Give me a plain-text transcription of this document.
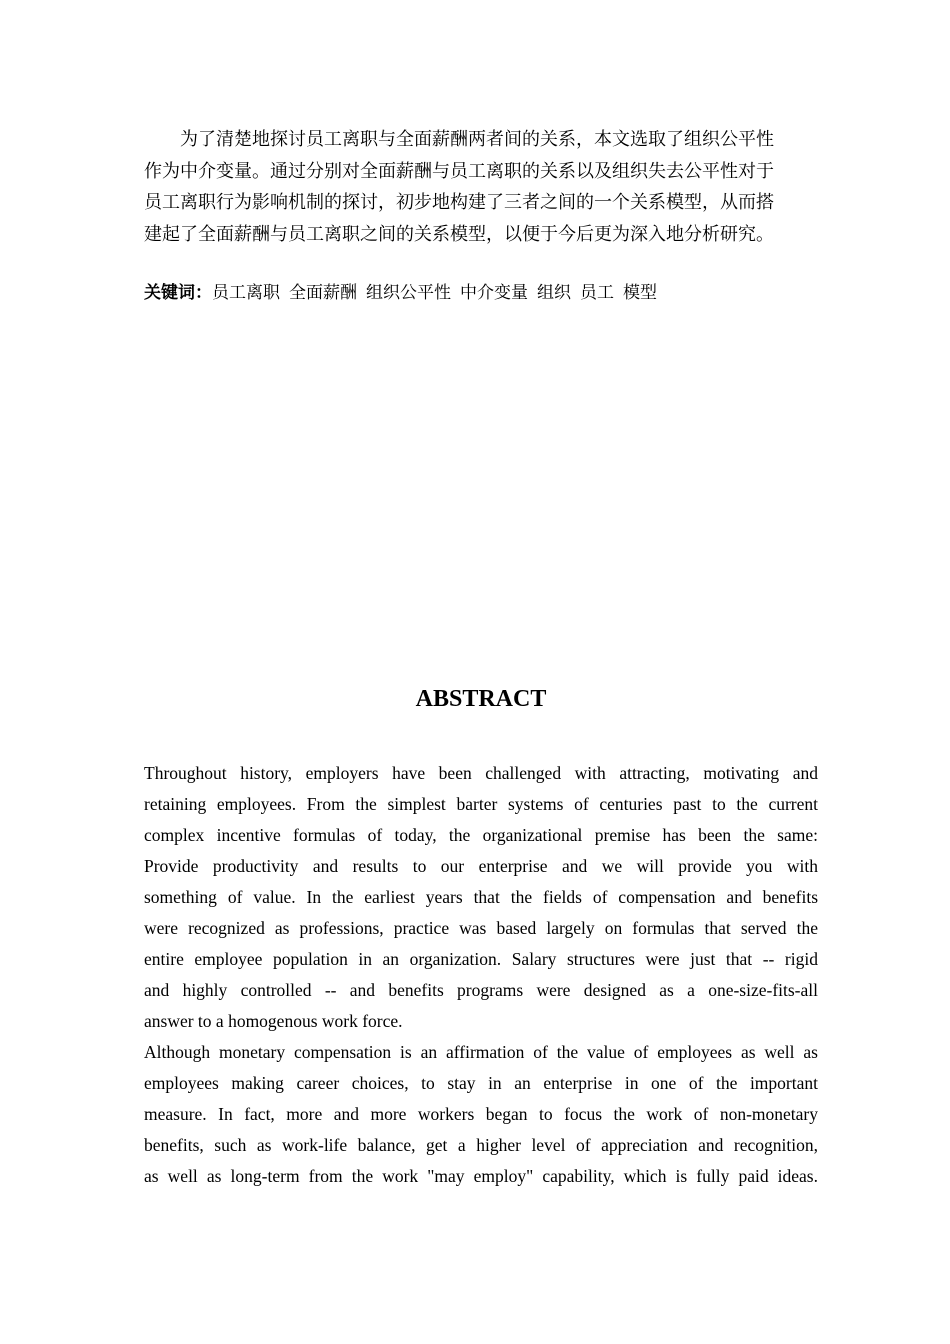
为了清楚地探讨员工离职与全面薪酬两者间的关系，本文选取了组织公平性
作为中介变量。通过分别对全面薪酬与员工离职的关系以及组织失去公平性对于
员工离职行为影响机制的探讨，初步地构建了三者之间的一个关系模型，从而搭
建起了全面薪酬与员工离职之间的关系模型，以便于今后更为深入地分析研究。
关键词：员工离职 全面薪酬 组织公平性 中介变量 组织 员工 模型
ABSTRACT
Throughout history, employers have been challenged with attracting, motivating and
retaining employees. From the simplest barter systems of centuries past to the current
complex incentive formulas of today, the organizational premise has been the same:
Provide productivity and results to our enterprise and we will provide you with
something of value. In the earliest years that the fields of compensation and benefits
were recognized as professions, practice was based largely on formulas that served the
entire employee population in an organization. Salary structures were just that -- rigid
and highly controlled -- and benefits programs were designed as a one-size-fits-all
answer to a homogenous work force.
Although monetary compensation is an affirmation of the value of employees as well as
employees making career choices, to stay in an enterprise in one of the important
measure. In fact, more and more workers began to focus the work of non-monetary
benefits, such as work-life balance, get a higher level of appreciation and recognition,
as well as long-term from the work "may employ" capability, which is fully paid ideas.
